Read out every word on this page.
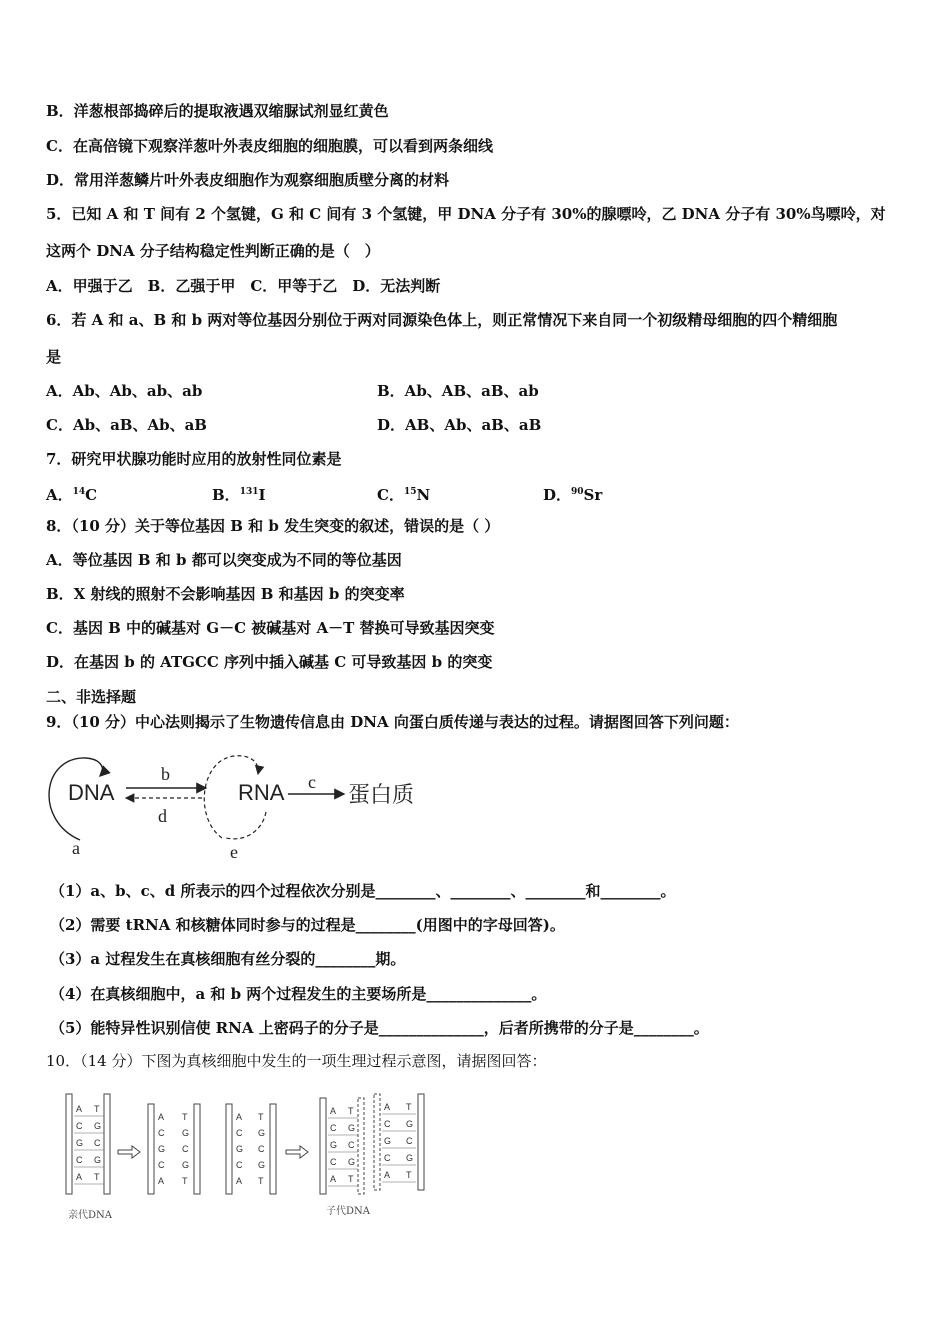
B．洋葱根部捣碎后的提取液遇双缩脲试剂显红黄色
C．在高倍镜下观察洋葱叶外表皮细胞的细胞膜，可以看到两条细线
D．常用洋葱鳞片叶外表皮细胞作为观察细胞质壁分离的材料
5．已知 A 和 T 间有 2 个氢键，G 和 C 间有 3 个氢键，甲 DNA 分子有 30%的腺嘌呤，乙 DNA 分子有 30%鸟嘌呤，对
这两个 DNA 分子结构稳定性判断正确的是（　）
A．甲强于乙　B．乙强于甲　C．甲等于乙　D．无法判断
6．若 A 和 a、B 和 b 两对等位基因分别位于两对同源染色体上，则正常情况下来自同一个初级精母细胞的四个精细胞
是
A．Ab、Ab、ab、ab	B．Ab、AB、aB、ab
C．Ab、aB、Ab、aB	D．AB、Ab、aB、aB
7．研究甲状腺功能时应用的放射性同位素是
A．$^{14}$C	B．$^{131}$I	C．$^{15}$N	D．$^{90}$Sr
8．（10 分）关于等位基因 B 和 b 发生突变的叙述，错误的是（ ）
A．等位基因 B 和 b 都可以突变成为不同的等位基因
B．X 射线的照射不会影响基因 B 和基因 b 的突变率
C．基因 B 中的碱基对 G－C 被碱基对 A－T 替换可导致基因突变
D．在基因 b 的 ATGCC 序列中插入碱基 C 可导致基因 b 的突变
二、非选择题
9．（10 分）中心法则揭示了生物遗传信息由 DNA 向蛋白质传递与表达的过程。请据图回答下列问题：
DNA
a
b
d
RNA
e
c
蛋白质
（1）a、b、c、d 所表示的四个过程依次分别是________、________、________和________。
（2）需要 tRNA 和核糖体同时参与的过程是________(用图中的字母回答)。
（3）a 过程发生在真核细胞有丝分裂的________期。
（4）在真核细胞中，a 和 b 两个过程发生的主要场所是______________。
（5）能特异性识别信使 RNA 上密码子的分子是______________，后者所携带的分子是________。
10．（14 分）下图为真核细胞中发生的一项生理过程示意图，请据图回答：
A T
C G
G C
C G
A T
A T
C G
G C
C G
A T
A T
C G
G C
C G
A T
A T
C G
G C
C G
A T
A T
C G
G C
C G
A T
亲代DNA	子代DNA
